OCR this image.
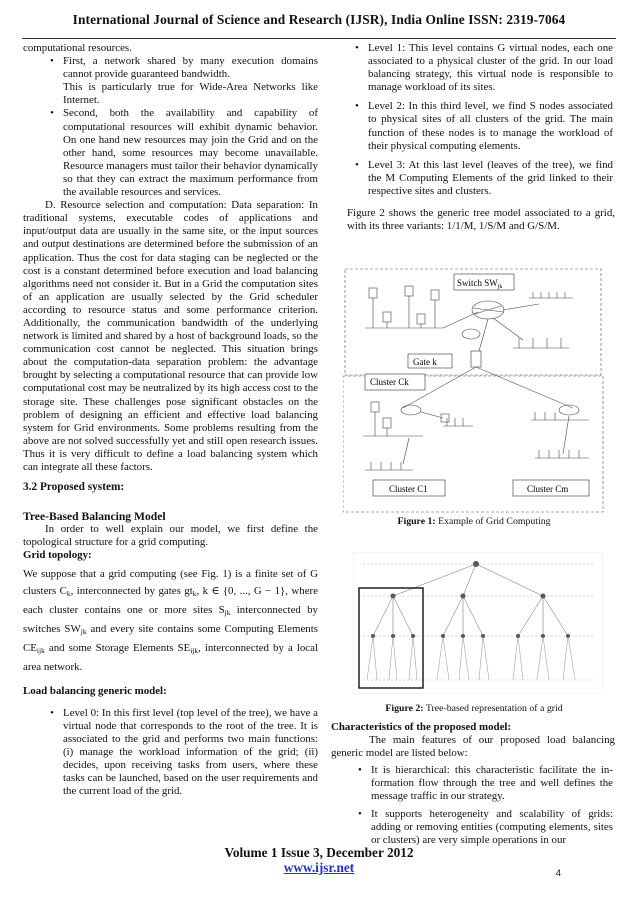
International Journal of Science and Research (IJSR), India Online ISSN: 2319-7064

computational resources.

• First, a network shared by many execution domains cannot provide guaranteed bandwidth.
This is particularly true for Wide-Area Networks like Internet.
• Second, both the availability and capability of computational resources will exhibit dynamic behavior. On one hand new resources may join the Grid and on the other hand, some resources may become unavailable. Resource managers must tailor their behavior dynamically so that they can extract the maximum performance from the available resources and services.

D. Resource selection and computation: Data separation: In traditional systems, executable codes of applications and input/output data are usually in the same site, or the input sources and output destinations are determined before the submission of an application. Thus the cost for data staging can be neglected or the cost is a constant determined before execution and load balancing algorithms need not consider it. But in a Grid the computation sites of an application are usually selected by the Grid scheduler according to resource status and some performance criterion. Additionally, the communication bandwidth of the underlying network is limited and shared by a host of background loads, so the communication cost cannot be neglected. This situation brings about the computation-data separation problem: the advantage brought by selecting a computational resource that can provide low computational cost may be neutralized by its high access cost to the storage site. These challenges pose significant obstacles on the problem of designing an efficient and effective load balancing system for Grid environments. Some problems resulting from the above are not solved successfully yet and still open research issues. Thus it is very difficult to define a load balancing system which can integrate all these factors.

3.2 Proposed system:

Tree-Based Balancing Model

In order to well explain our model, we first define the topological structure for a grid computing.

Grid topology:

We suppose that a grid computing (see Fig. 1) is a finite set of G clusters $C_k$, interconnected by gates $gt_k$, k ∈ {0, ..., G − 1}, where each cluster contains one or more sites $S_{jk}$ interconnected by switches $SW_{jk}$ and every site contains some Computing Elements $CE_{ijk}$ and some Storage Elements $SE_{ijk}$, interconnected by a local area network.

Load balancing generic model:

• Level 0: In this first level (top level of the tree), we have a virtual node that corresponds to the root of the tree. It is associated to the grid and performs two main functions: (i) manage the workload information of the grid; (ii) decides, upon receiving tasks from users, where these tasks can be launched, based on the user requirements and the current load of the grid.
• Level 1: This level contains G virtual nodes, each one associated to a physical cluster of the grid. In our load balancing strategy, this virtual node is responsible to manage workload of its sites.
• Level 2: In this third level, we find S nodes associated to physical sites of all clusters of the grid. The main function of these nodes is to manage the workload of their physical computing elements.
• Level 3: At this last level (leaves of the tree), we find the M Computing Elements of the grid linked to their respective sites and clusters.

Figure 2 shows the generic tree model associated to a grid, with its three variants: 1/1/M, 1/S/M and G/S/M.

Switch $SW_{jk}$
Gate k
Cluster Ck
Cluster C1	Cluster Cm
Figure 1: Example of Grid Computing
Figure 2: Tree-based representation of a grid

Characteristics of the proposed model:

The main features of our proposed load balancing generic model are listed below:

• It is hierarchical: this characteristic facilitate the in-formation flow through the tree and well defines the message traffic in our strategy.
• It supports heterogeneity and scalability of grids: adding or removing entities (computing elements, sites or clusters) are very simple operations in our
Volume 1 Issue 3, December 2012
www.ijsr.net	4
